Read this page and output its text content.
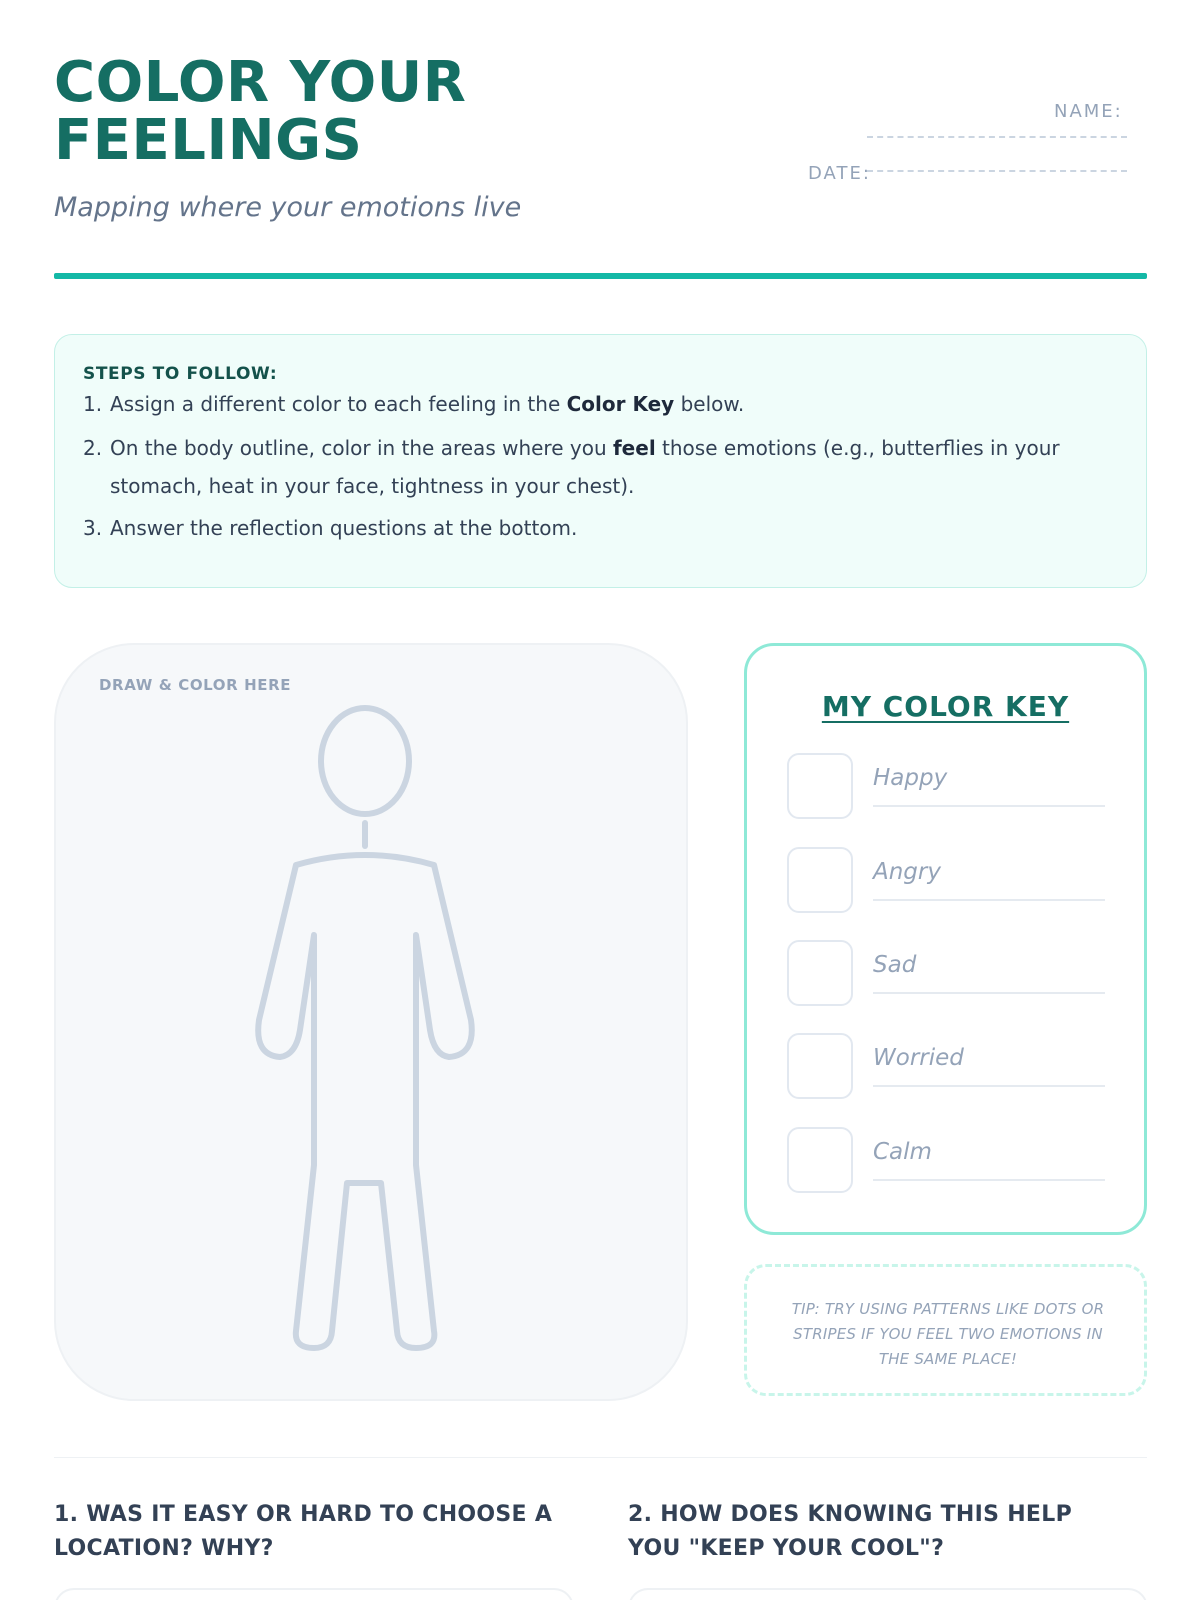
COLOR YOUR FEELINGS
Mapping where your emotions live
NAME:
DATE:
STEPS TO FOLLOW:
1. Assign a different color to each feeling in the Color Key below.
2. On the body outline, color in the areas where you feel those emotions (e.g., butterflies in your stomach, heat in your face, tightness in your chest).
3. Answer the reflection questions at the bottom.
DRAW & COLOR HERE
MY COLOR KEY
Happy
Angry
Sad
Worried
Calm
TIP: TRY USING PATTERNS LIKE DOTS OR STRIPES IF YOU FEEL TWO EMOTIONS IN THE SAME PLACE!
1. WAS IT EASY OR HARD TO CHOOSE A LOCATION? WHY?
2. HOW DOES KNOWING THIS HELP YOU "KEEP YOUR COOL"?
